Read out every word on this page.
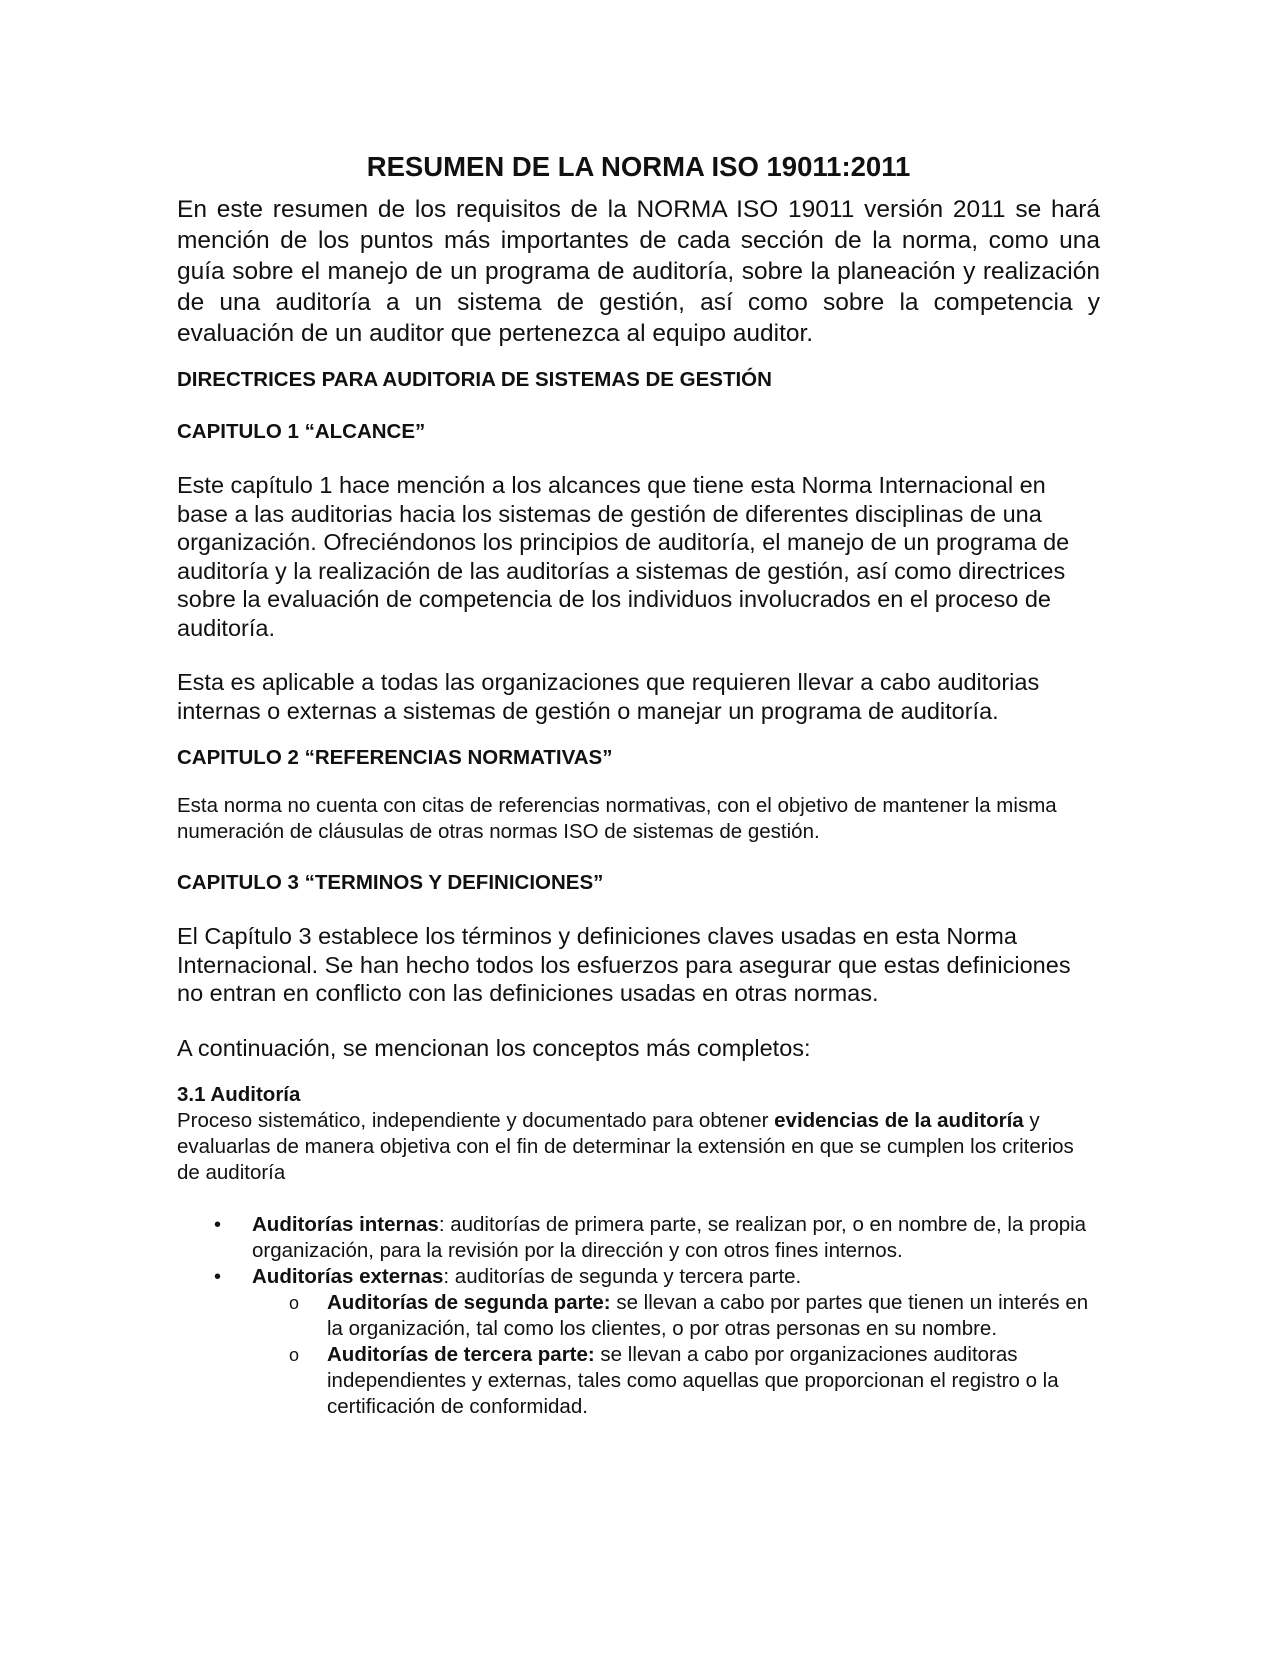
RESUMEN DE LA NORMA ISO 19011:2011

En este resumen de los requisitos de la NORMA ISO 19011 versión 2011 se hará mención de los puntos más importantes de cada sección de la norma, como una guía sobre el manejo de un programa de auditoría, sobre la planeación y realización de una auditoría a un sistema de gestión, así como sobre la competencia y evaluación de un auditor que pertenezca al equipo auditor.

DIRECTRICES PARA AUDITORIA DE SISTEMAS DE GESTIÓN

CAPITULO 1 “ALCANCE”

Este capítulo 1 hace mención a los alcances que tiene esta Norma Internacional en base a las auditorias hacia los sistemas de gestión de diferentes disciplinas de una organización. Ofreciéndonos los principios de auditoría, el manejo de un programa de auditoría y la realización de las auditorías a sistemas de gestión, así como directrices sobre la evaluación de competencia de los individuos involucrados en el proceso de auditoría.

Esta es aplicable a todas las organizaciones que requieren llevar a cabo auditorias internas o externas a sistemas de gestión o manejar un programa de auditoría.

CAPITULO 2 “REFERENCIAS NORMATIVAS”

Esta norma no cuenta con citas de referencias normativas, con el objetivo de mantener la misma numeración de cláusulas de otras normas ISO de sistemas de gestión.

CAPITULO 3 “TERMINOS Y DEFINICIONES”

El Capítulo 3 establece los términos y definiciones claves usadas en esta Norma Internacional. Se han hecho todos los esfuerzos para asegurar que estas definiciones no entran en conflicto con las definiciones usadas en otras normas.

A continuación, se mencionan los conceptos más completos:

3.1 Auditoría

Proceso sistemático, independiente y documentado para obtener evidencias de la auditoría y evaluarlas de manera objetiva con el fin de determinar la extensión en que se cumplen los criterios de auditoría

• Auditorías internas: auditorías de primera parte, se realizan por, o en nombre de, la propia organización, para la revisión por la dirección y con otros fines internos.
• Auditorías externas: auditorías de segunda y tercera parte.
o Auditorías de segunda parte: se llevan a cabo por partes que tienen un interés en la organización, tal como los clientes, o por otras personas en su nombre.
o Auditorías de tercera parte: se llevan a cabo por organizaciones auditoras independientes y externas, tales como aquellas que proporcionan el registro o la certificación de conformidad.
